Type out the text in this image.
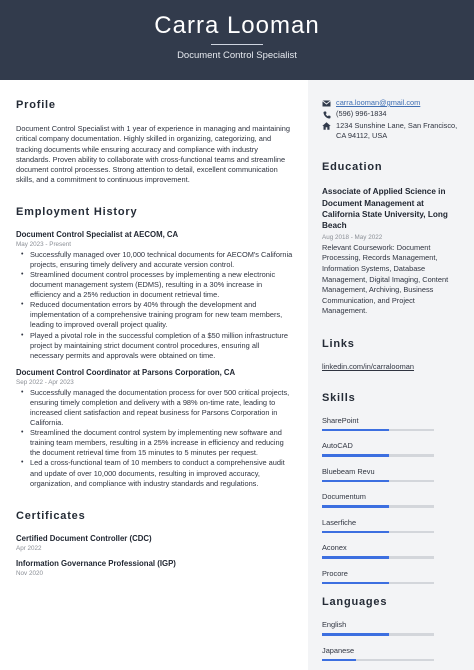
Carra Looman
Document Control Specialist
Profile
Document Control Specialist with 1 year of experience in managing and maintaining critical company documentation. Highly skilled in organizing, categorizing, and tracking documents while ensuring accuracy and compliance with industry standards. Proven ability to collaborate with cross-functional teams and streamline document control processes. Strong attention to detail, excellent communication skills, and a commitment to continuous improvement.
Employment History
Document Control Specialist at AECOM, CA
May 2023 - Present
• Successfully managed over 10,000 technical documents for AECOM's California projects, ensuring timely delivery and accurate version control.
• Streamlined document control processes by implementing a new electronic document management system (EDMS), resulting in a 30% increase in efficiency and a 25% reduction in document retrieval time.
• Reduced documentation errors by 40% through the development and implementation of a comprehensive training program for new team members, leading to improved overall project quality.
• Played a pivotal role in the successful completion of a $50 million infrastructure project by maintaining strict document control procedures, ensuring all necessary permits and approvals were obtained on time.
Document Control Coordinator at Parsons Corporation, CA
Sep 2022 - Apr 2023
• Successfully managed the documentation process for over 500 critical projects, ensuring timely completion and delivery with a 98% on-time rate, leading to increased client satisfaction and repeat business for Parsons Corporation in California.
• Streamlined the document control system by implementing new software and training team members, resulting in a 25% increase in efficiency and reducing the document retrieval time from 15 minutes to 5 minutes per request.
• Led a cross-functional team of 10 members to conduct a comprehensive audit and update of over 10,000 documents, resulting in improved accuracy, organization, and compliance with industry standards and regulations.
Certificates
Certified Document Controller (CDC)
Apr 2022
Information Governance Professional (IGP)
Nov 2020
carra.looman@gmail.com
(596) 996-1834
1234 Sunshine Lane, San Francisco, CA 94112, USA
Education
Associate of Applied Science in Document Management at California State University, Long Beach
Aug 2018 - May 2022
Relevant Coursework: Document Processing, Records Management, Information Systems, Database Management, Digital Imaging, Content Management, Archiving, Business Communication, and Project Management.
Links
linkedin.com/in/carralooman
Skills
SharePoint
AutoCAD
Bluebeam Revu
Documentum
Laserfiche
Aconex
Procore
Languages
English
Japanese
